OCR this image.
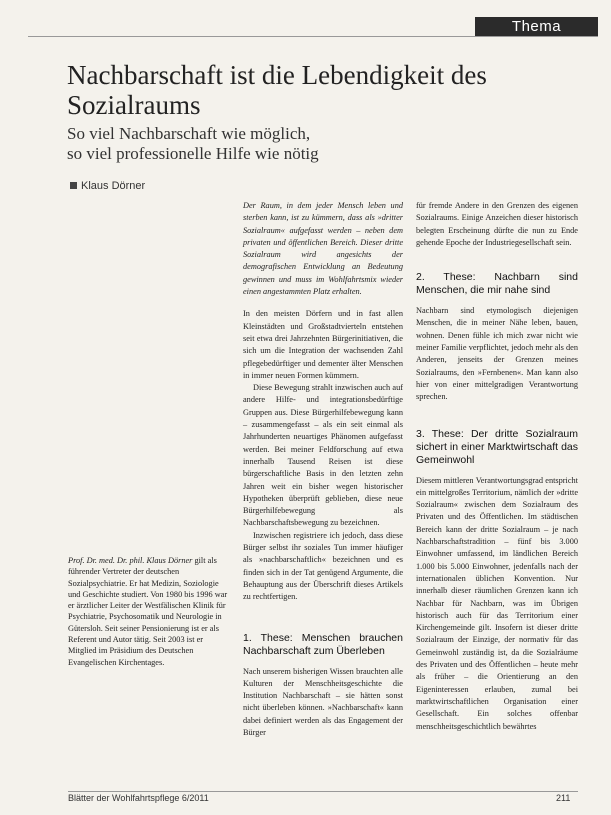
Thema
Nachbarschaft ist die Lebendigkeit des Sozialraums
So viel Nachbarschaft wie möglich,
so viel professionelle Hilfe wie nötig
Klaus Dörner

Der Raum, in dem jeder Mensch leben und sterben kann, ist zu kümmern, dass als »dritter Sozialraum« aufgefasst werden – neben dem privaten und öffentlichen Bereich. Dieser dritte Sozialraum wird angesichts der demografischen Entwicklung an Bedeutung gewinnen und muss im Wohlfahrtsmix wieder einen angestammten Platz erhalten.

In den meisten Dörfern und in fast allen Kleinstädten und Großstadtvierteln entstehen seit etwa drei Jahrzehnten Bürgerinitiativen, die sich um die Integration der wachsenden Zahl pflegebedürftiger und dementer älter Menschen in immer neuen Formen kümmern.

Diese Bewegung strahlt inzwischen auch auf andere Hilfe- und integrationsbedürftige Gruppen aus. Diese Bürgerhilfebewegung kann – zusammengefasst – als ein seit einmal als Jahrhunderten neuartiges Phänomen aufgefasst werden. Bei meiner Feldforschung auf etwa innerhalb Tausend Reisen ist diese bürgerschaftliche Basis in den letzten zehn Jahren weit ein bisher wegen historischer Hypotheken überprüft geblieben, diese neue Bürgerhilfebewegung als Nachbarschaftsbewegung zu bezeichnen.

Inzwischen registriere ich jedoch, dass diese Bürger selbst ihr soziales Tun immer häufiger als »nachbarschaftlich« bezeichnen und es finden sich in der Tat genügend Argumente, die Behauptung aus der Überschrift dieses Artikels zu rechtfertigen.

1. These: Menschen brauchen Nachbarschaft zum Überleben

Nach unserem bisherigen Wissen brauchten alle Kulturen der Menschheitsgeschichte die Institution Nachbarschaft – sie hätten sonst nicht überleben können. »Nachbarschaft« kann dabei definiert werden als das Engagement der Bürger

für fremde Andere in den Grenzen des eigenen Sozialraums. Einige Anzeichen dieser historisch belegten Erscheinung dürfte die nun zu Ende gehende Epoche der Industriegesellschaft sein.

2. These: Nachbarn sind Menschen, die mir nahe sind

Nachbarn sind etymologisch diejenigen Menschen, die in meiner Nähe leben, bauen, wohnen. Denen fühle ich mich zwar nicht wie meiner Familie verpflichtet, jedoch mehr als den Anderen, jenseits der Grenzen meines Sozialraums, den »Fernbenen«. Man kann also hier von einer mittelgradigen Verantwortung sprechen.

3. These: Der dritte Sozialraum sichert in einer Marktwirtschaft das Gemeinwohl

Diesem mittleren Verantwortungsgrad entspricht ein mittelgroßes Territorium, nämlich der »dritte Sozialraum« zwischen dem Sozialraum des Privaten und des Öffentlichen. Im städtischen Bereich kann der dritte Sozialraum – je nach Nachbarschaftstradition – fünf bis 3.000 Einwohner umfassend, im ländlichen Bereich 1.000 bis 5.000 Einwohner, jedenfalls nach der internationalen üblichen Konvention. Nur innerhalb dieser räumlichen Grenzen kann ich Nachbar für Nachbarn, was im Übrigen historisch auch für das Territorium einer Kirchengemeinde gilt. Insofern ist dieser dritte Sozialraum der Einzige, der normativ für das Gemeinwohl zuständig ist, da die Sozialräume des Privaten und des Öffentlichen – heute mehr als früher – die Orientierung an den Eigeninteressen erlauben, zumal bei marktwirtschaftlichen Organisation einer Gesellschaft. Ein solches offenbar menschheitsgeschichtlich bewährtes

Prof. Dr. med. Dr. phil. Klaus Dörner gilt als führender Vertreter der deutschen Sozialpsychiatrie. Er hat Medizin, Soziologie und Geschichte studiert. Von 1980 bis 1996 war er ärztlicher Leiter der Westfälischen Klinik für Psychiatrie, Psychosomatik und Neurologie in Gütersloh. Seit seiner Pensionierung ist er als Referent und Autor tätig. Seit 2003 ist er Mitglied im Präsidium des Deutschen Evangelischen Kirchentages.
Blätter der Wohlfahrtspflege 6/2011	211
